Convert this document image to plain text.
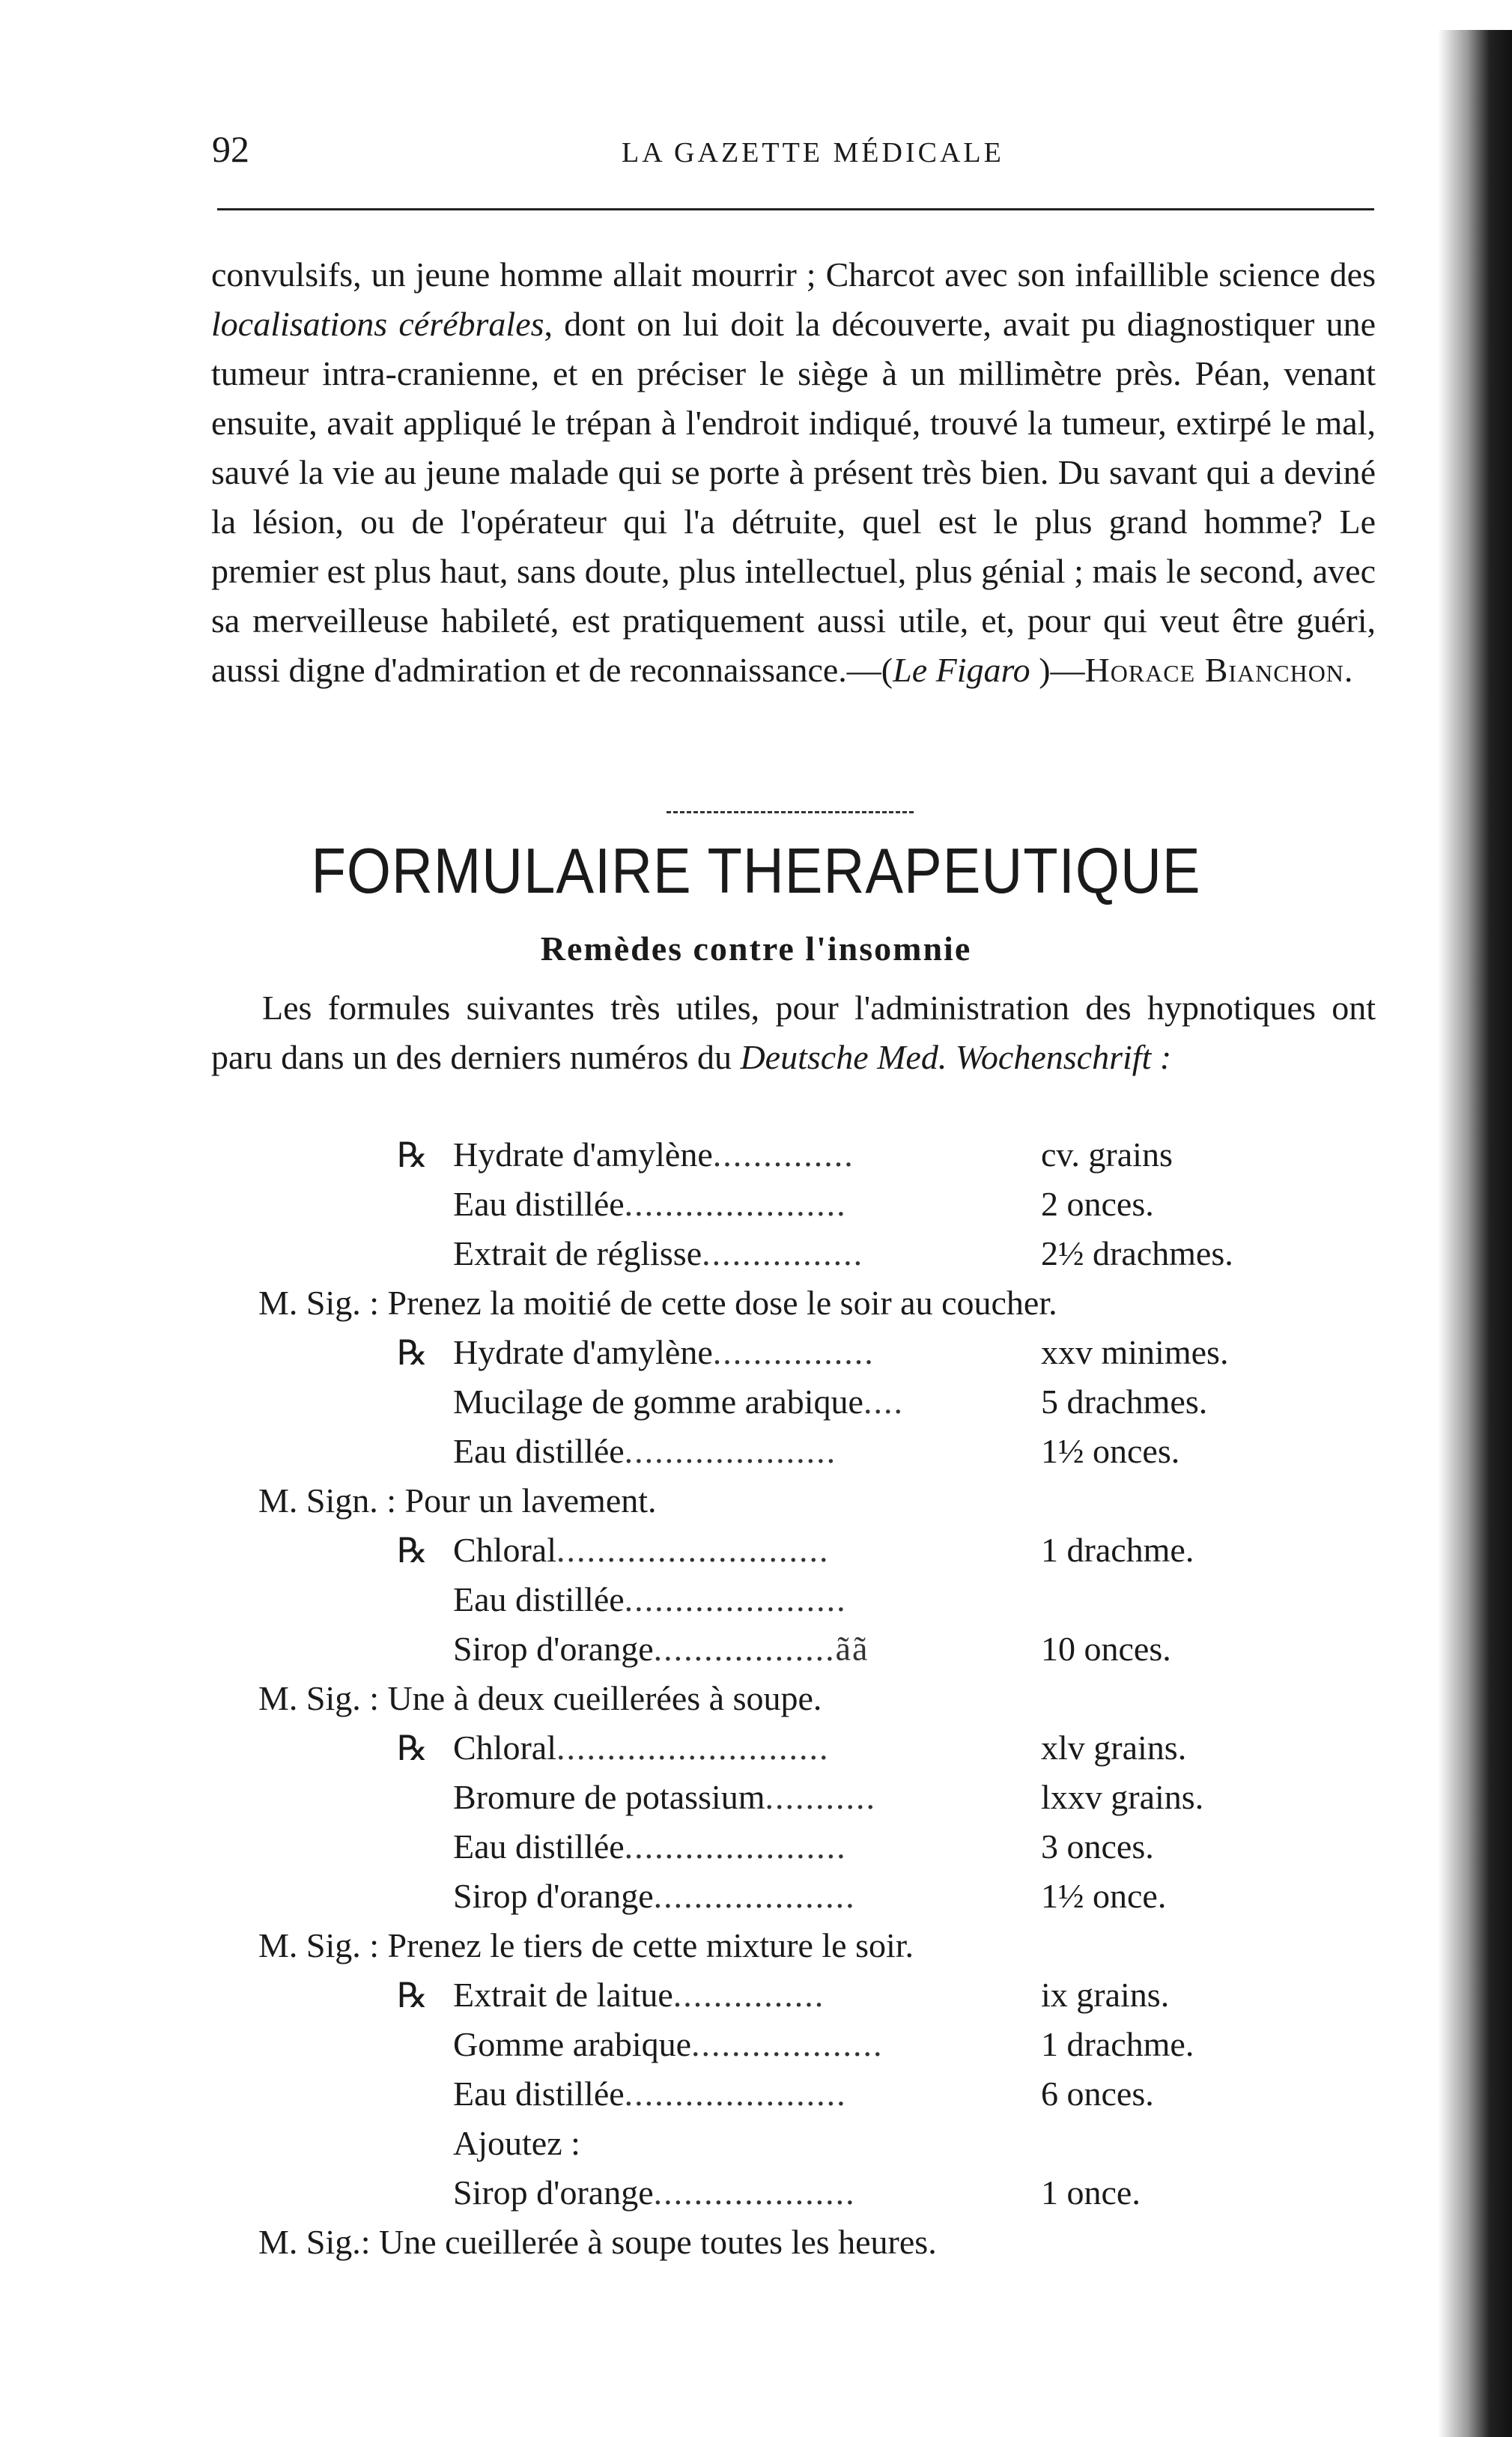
92	LA GAZETTE MÉDICALE

convulsifs, un jeune homme allait mourrir ; Charcot avec son infaillible science des localisations cérébrales, dont on lui doit la découverte, avait pu diagnostiquer une tumeur intra-cranienne, et en préciser le siège à un millimètre près. Péan, venant ensuite, avait appliqué le trépan à l'endroit indiqué, trouvé la tumeur, extirpé le mal, sauvé la vie au jeune malade qui se porte à présent très bien. Du savant qui a deviné la lésion, ou de l'opérateur qui l'a détruite, quel est le plus grand homme? Le premier est plus haut, sans doute, plus intellectuel, plus génial ; mais le second, avec sa merveilleuse habileté, est pratiquement aussi utile, et, pour qui veut être guéri, aussi digne d'admiration et de reconnaissance.—(Le Figaro )—Horace Bianchon.

FORMULAIRE THERAPEUTIQUE
Remèdes contre l'insomnie

Les formules suivantes très utiles, pour l'administration des hypnotiques ont paru dans un des derniers numéros du Deutsche Med. Wochenschrift :

℞ Hydrate d'amylène..............	cv. grains
Eau distillée......................	2 onces.
Extrait de réglisse................	2½ drachmes.
M. Sig. : Prenez la moitié de cette dose le soir au coucher.
℞ Hydrate d'amylène................	xxv minimes.
Mucilage de gomme arabique....	5 drachmes.
Eau distillée.....................	1½ onces.
M. Sign. : Pour un lavement.
℞ Chloral...........................	1 drachme.
Eau distillée......................
Sirop d'orange..................ãã	10 onces.
M. Sig. : Une à deux cueillerées à soupe.
℞ Chloral...........................	xlv grains.
Bromure de potassium...........	lxxv grains.
Eau distillée......................	3 onces.
Sirop d'orange....................	1½ once.
M. Sig. : Prenez le tiers de cette mixture le soir.
℞ Extrait de laitue...............	ix grains.
Gomme arabique...................	1 drachme.
Eau distillée......................	6 onces.
Ajoutez :
Sirop d'orange....................	1 once.
M. Sig.: Une cueillerée à soupe toutes les heures.
